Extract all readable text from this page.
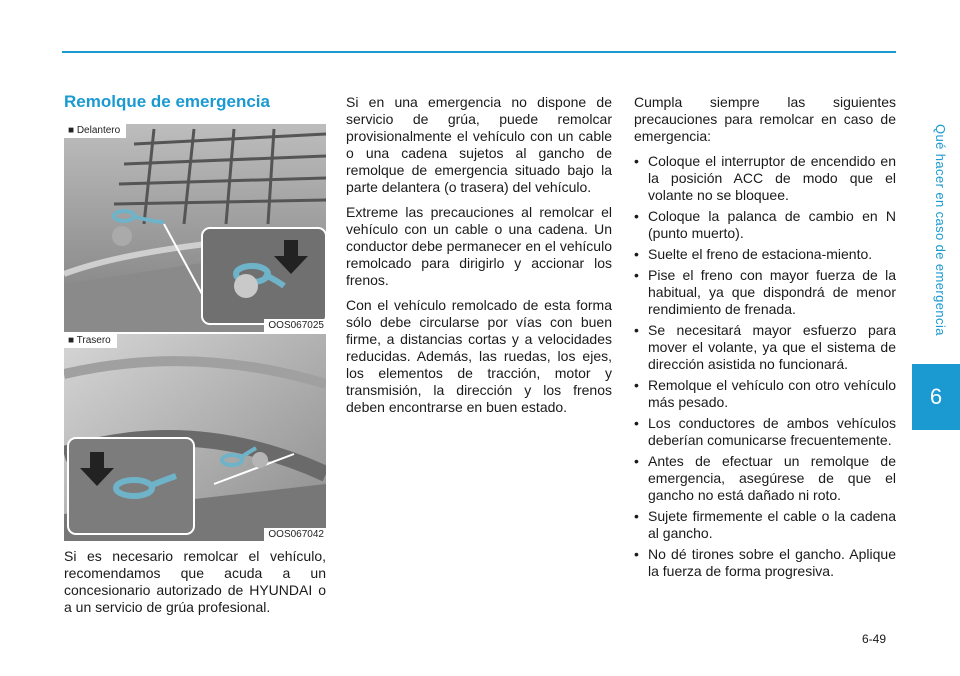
Qué hacer en caso de emergencia
6
Remolque de emergencia
■ Delantero
OOS067025
■ Trasero
OOS067042

Si es necesario remolcar el vehículo, recomendamos que acuda a un concesionario autorizado de HYUNDAI o a un servicio de grúa profesional.

Si en una emergencia no dispone de servicio de grúa, puede remolcar provisionalmente el vehículo con un cable o una cadena sujetos al gancho de remolque de emergencia situado bajo la parte delantera (o trasera) del vehículo.

Extreme las precauciones al remolcar el vehículo con un cable o una cadena. Un conductor debe permanecer en el vehículo remolcado para dirigirlo y accionar los frenos.

Con el vehículo remolcado de esta forma sólo debe circularse por vías con buen firme, a distancias cortas y a velocidades reducidas. Además, las ruedas, los ejes, los elementos de tracción, motor y transmisión, la dirección y los frenos deben encontrarse en buen estado.

Cumpla siempre las siguientes precauciones para remolcar en caso de emergencia:

• Coloque el interruptor de encendido en la posición ACC de modo que el volante no se bloquee.
• Coloque la palanca de cambio en N (punto muerto).
• Suelte el freno de estaciona-miento.
• Pise el freno con mayor fuerza de la habitual, ya que dispondrá de menor rendimiento de frenada.
• Se necesitará mayor esfuerzo para mover el volante, ya que el sistema de dirección asistida no funcionará.
• Remolque el vehículo con otro vehículo más pesado.
• Los conductores de ambos vehículos deberían comunicarse frecuentemente.
• Antes de efectuar un remolque de emergencia, asegúrese de que el gancho no está dañado ni roto.
• Sujete firmemente el cable o la cadena al gancho.
• No dé tirones sobre el gancho. Aplique la fuerza de forma progresiva.
6-49
